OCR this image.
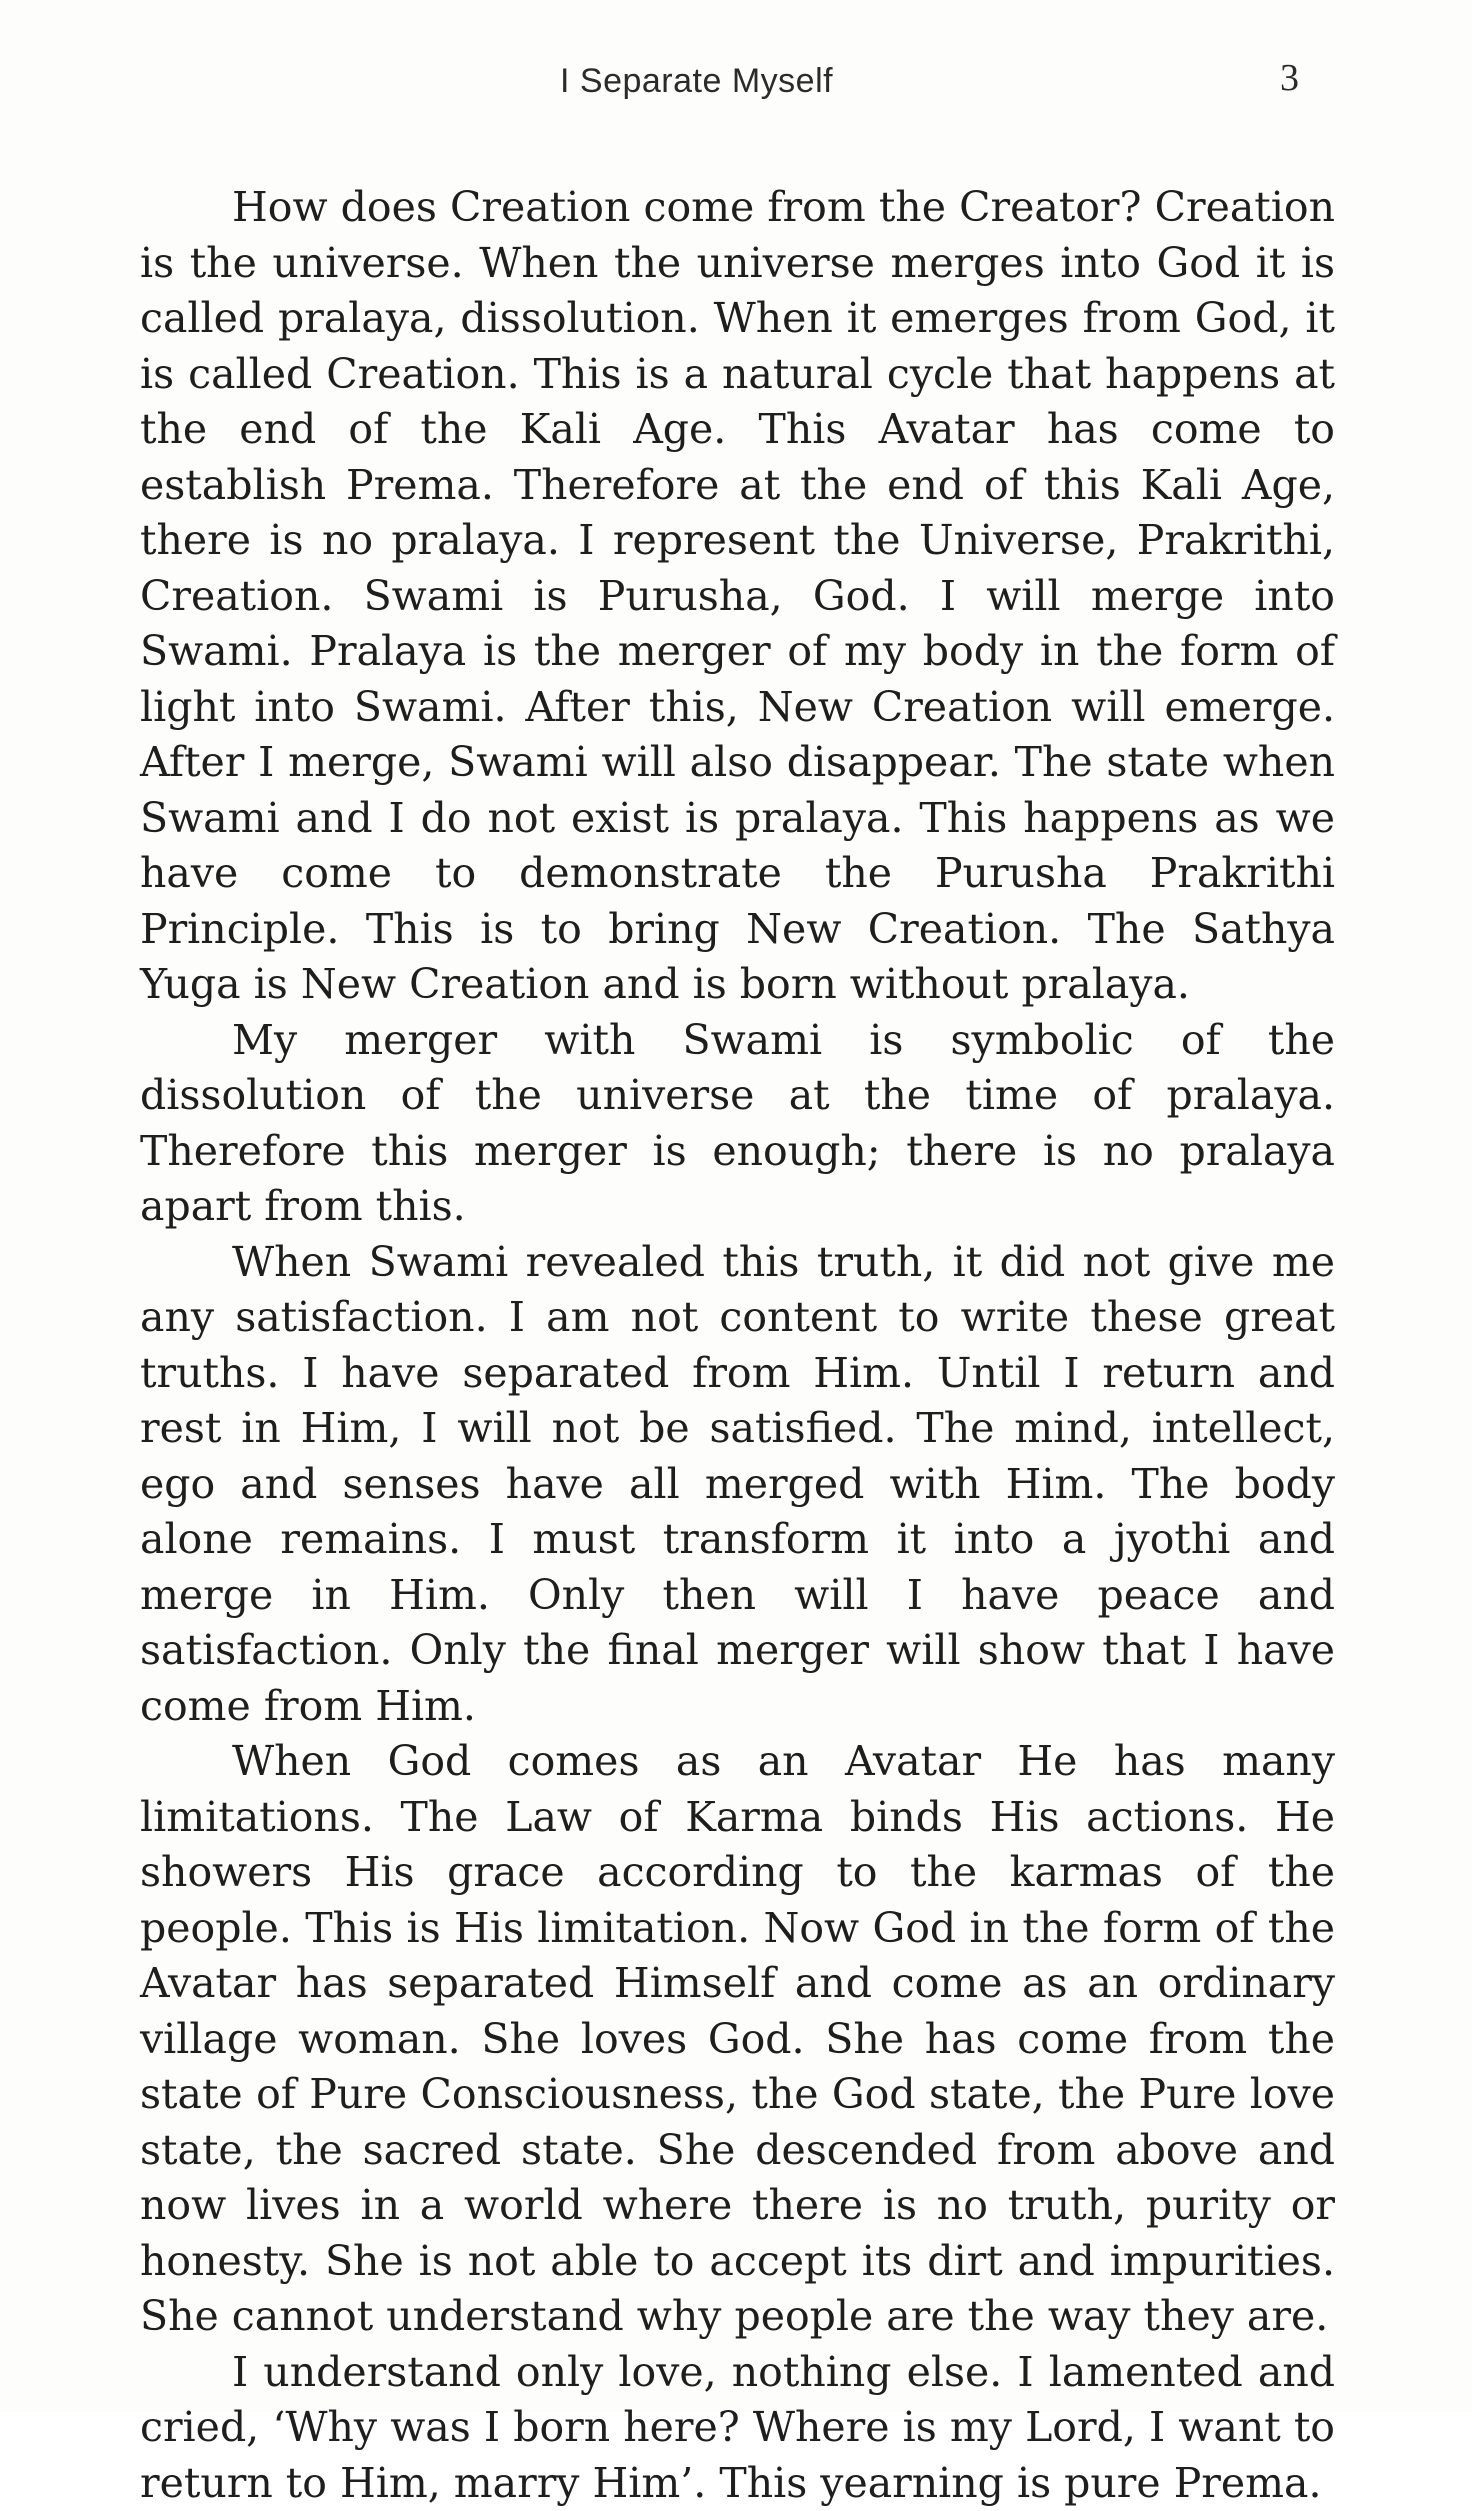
I Separate Myself	3

How does Creation come from the Creator? Creation is the universe. When the universe merges into God it is called pralaya, dissolution. When it emerges from God, it is called Creation. This is a natural cycle that happens at the end of the Kali Age. This Avatar has come to establish Prema. Therefore at the end of this Kali Age, there is no pralaya. I represent the Universe, Prakrithi, Creation. Swami is Purusha, God. I will merge into Swami. Pralaya is the merger of my body in the form of light into Swami. After this, New Creation will emerge. After I merge, Swami will also disappear. The state when Swami and I do not exist is pralaya. This happens as we have come to demonstrate the Purusha Prakrithi Principle. This is to bring New Creation. The Sathya Yuga is New Creation and is born without pralaya.

My merger with Swami is symbolic of the dissolution of the universe at the time of pralaya. Therefore this merger is enough; there is no pralaya apart from this.

When Swami revealed this truth, it did not give me any satisfaction. I am not content to write these great truths. I have separated from Him. Until I return and rest in Him, I will not be satisfied. The mind, intellect, ego and senses have all merged with Him. The body alone remains. I must transform it into a jyothi and merge in Him. Only then will I have peace and satisfaction. Only the final merger will show that I have come from Him.

When God comes as an Avatar He has many limitations. The Law of Karma binds His actions. He showers His grace according to the karmas of the people. This is His limitation. Now God in the form of the Avatar has separated Himself and come as an ordinary village woman. She loves God. She has come from the state of Pure Consciousness, the God state, the Pure love state, the sacred state. She descended from above and now lives in a world where there is no truth, purity or honesty. She is not able to accept its dirt and impurities. She cannot understand why people are the way they are.

I understand only love, nothing else. I lamented and cried, ‘Why was I born here? Where is my Lord, I want to return to Him, marry Him’. This yearning is pure Prema.
